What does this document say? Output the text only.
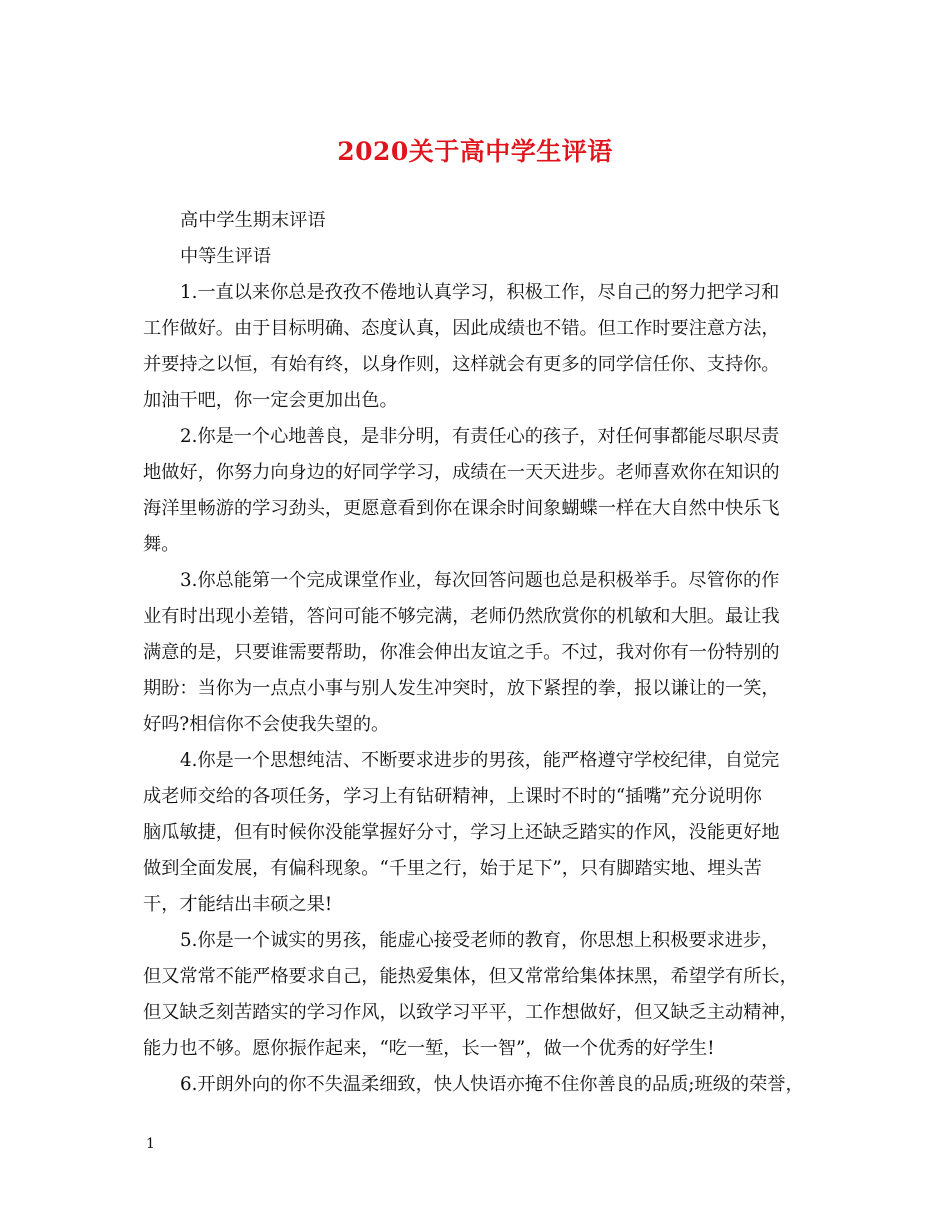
2020关于高中学生评语
高中学生期末评语
中等生评语
1.一直以来你总是孜孜不倦地认真学习，积极工作，尽自己的努力把学习和
工作做好。由于目标明确、态度认真，因此成绩也不错。但工作时要注意方法，
并要持之以恒，有始有终，以身作则，这样就会有更多的同学信任你、支持你。
加油干吧，你一定会更加出色。
2.你是一个心地善良，是非分明，有责任心的孩子，对任何事都能尽职尽责
地做好，你努力向身边的好同学学习，成绩在一天天进步。老师喜欢你在知识的
海洋里畅游的学习劲头，更愿意看到你在课余时间象蝴蝶一样在大自然中快乐飞
舞。
3.你总能第一个完成课堂作业，每次回答问题也总是积极举手。尽管你的作
业有时出现小差错，答问可能不够完满，老师仍然欣赏你的机敏和大胆。最让我
满意的是，只要谁需要帮助，你准会伸出友谊之手。不过，我对你有一份特别的
期盼：当你为一点点小事与别人发生冲突时，放下紧捏的拳，报以谦让的一笑，
好吗?相信你不会使我失望的。
4.你是一个思想纯洁、不断要求进步的男孩，能严格遵守学校纪律，自觉完
成老师交给的各项任务，学习上有钻研精神，上课时不时的“插嘴”充分说明你
脑瓜敏捷，但有时候你没能掌握好分寸，学习上还缺乏踏实的作风，没能更好地
做到全面发展，有偏科现象。“千里之行，始于足下”，只有脚踏实地、埋头苦
干，才能结出丰硕之果!
5.你是一个诚实的男孩，能虚心接受老师的教育，你思想上积极要求进步，
但又常常不能严格要求自己，能热爱集体，但又常常给集体抹黑，希望学有所长，
但又缺乏刻苦踏实的学习作风，以致学习平平，工作想做好，但又缺乏主动精神，
能力也不够。愿你振作起来，“吃一堑，长一智”，做一个优秀的好学生!
6.开朗外向的你不失温柔细致，快人快语亦掩不住你善良的品质;班级的荣誉，
1
